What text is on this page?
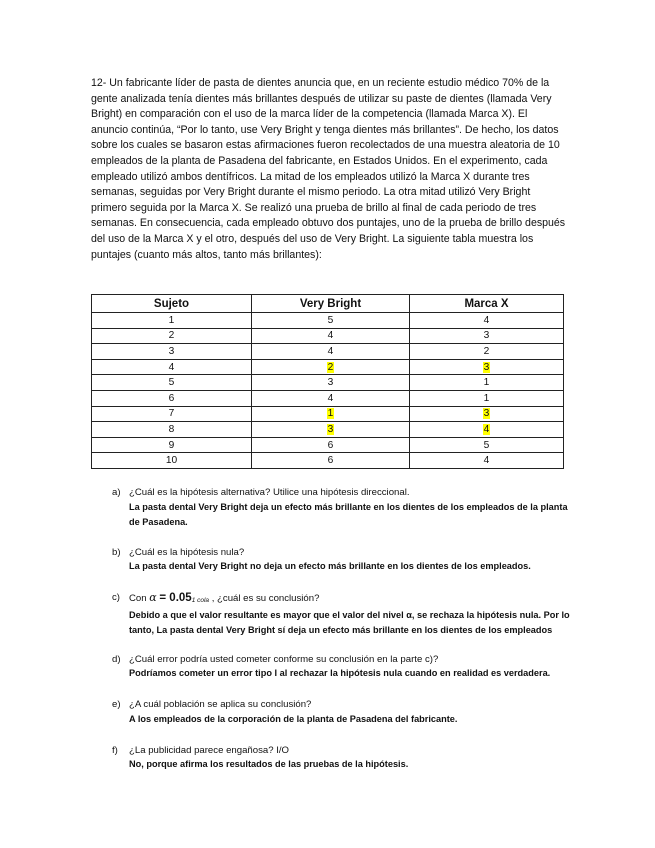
12- Un fabricante líder de pasta de dientes anuncia que, en un reciente estudio médico 70% de la gente analizada tenía dientes más brillantes después de utilizar su paste de dientes (llamada Very Bright) en comparación con el uso de la marca líder de la competencia (llamada Marca X). El anuncio continúa, “Por lo tanto, use Very Bright y tenga dientes más brillantes”. De hecho, los datos sobre los cuales se basaron estas afirmaciones fueron recolectados de una muestra aleatoria de 10 empleados de la planta de Pasadena del fabricante, en Estados Unidos. En el experimento, cada empleado utilizó ambos dentífricos. La mitad de los empleados utilizó la Marca X durante tres semanas, seguidas por Very Bright durante el mismo periodo. La otra mitad utilizó Very Bright primero seguida por la Marca X. Se realizó una prueba de brillo al final de cada periodo de tres semanas. En consecuencia, cada empleado obtuvo dos puntajes, uno de la prueba de brillo después del uso de la Marca X y el otro, después del uso de Very Bright. La siguiente tabla muestra los puntajes (cuanto más altos, tanto más brillantes):

Sujeto	Very Bright	Marca X
1	5	4
2	4	3
3	4	2
4	2	3
5	3	1
6	4	1
7	1	3
8	3	4
9	6	5
10	6	4
a) ¿Cuál es la hipótesis alternativa? Utilice una hipótesis direccional.
La pasta dental Very Bright deja un efecto más brillante en los dientes de los empleados de la planta de Pasadena.
b) ¿Cuál es la hipótesis nula?
La pasta dental Very Bright no deja un efecto más brillante en los dientes de los empleados.
c) Con α = 0.051 cola , ¿cuál es su conclusión?
Debido a que el valor resultante es mayor que el valor del nivel α, se rechaza la hipótesis nula. Por lo tanto, La pasta dental Very Bright sí deja un efecto más brillante en los dientes de los empleados
d) ¿Cuál error podría usted cometer conforme su conclusión en la parte c)?
Podríamos cometer un error tipo I al rechazar la hipótesis nula cuando en realidad es verdadera.
e) ¿A cuál población se aplica su conclusión?
A los empleados de la corporación de la planta de Pasadena del fabricante.
f)	¿La publicidad parece engañosa? I/O
No, porque afirma los resultados de las pruebas de la hipótesis.
